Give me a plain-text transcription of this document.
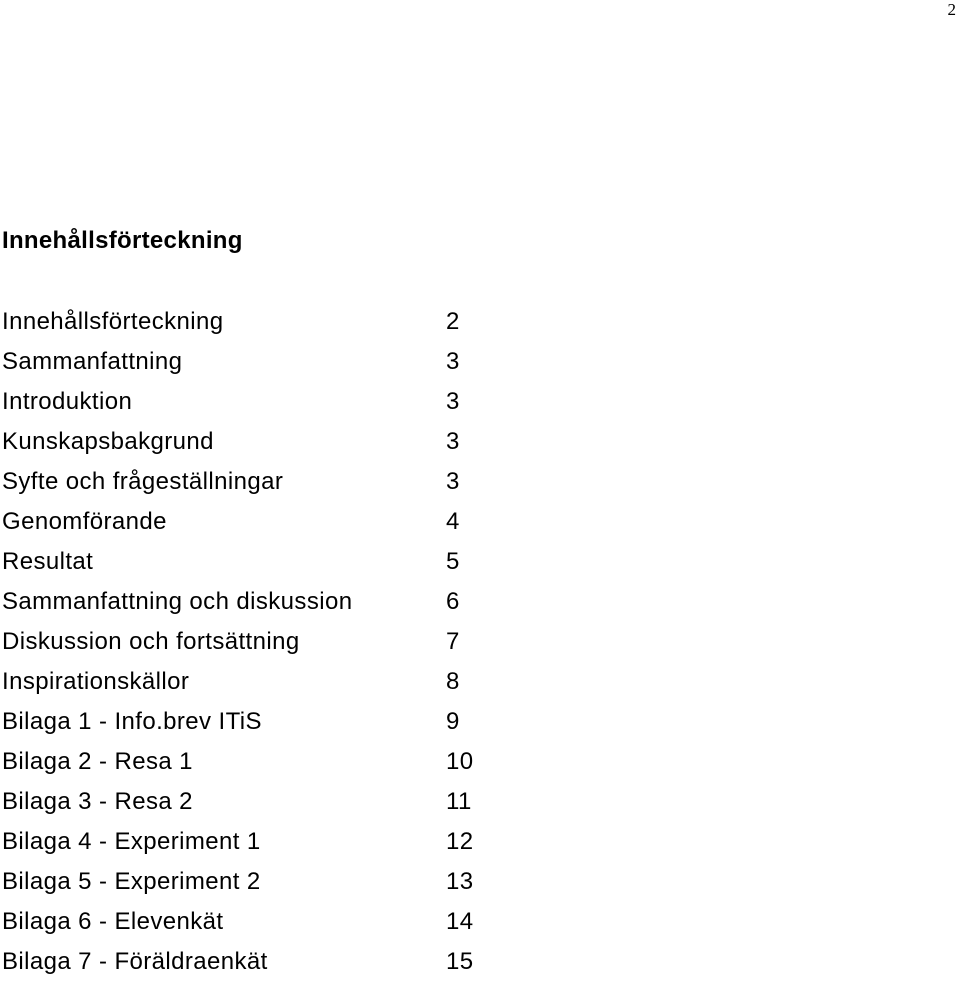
2
Innehållsförteckning
Innehållsförteckning	2
Sammanfattning	3
Introduktion	3
Kunskapsbakgrund	3
Syfte och frågeställningar	3
Genomförande	4
Resultat	5
Sammanfattning och diskussion	6
Diskussion och fortsättning	7
Inspirationskällor	8
Bilaga 1 - Info.brev ITiS	9
Bilaga 2 - Resa 1	10
Bilaga 3 - Resa 2	11
Bilaga 4 - Experiment 1	12
Bilaga 5 - Experiment 2	13
Bilaga 6 - Elevenkät	14
Bilaga 7 - Föräldraenkät	15
